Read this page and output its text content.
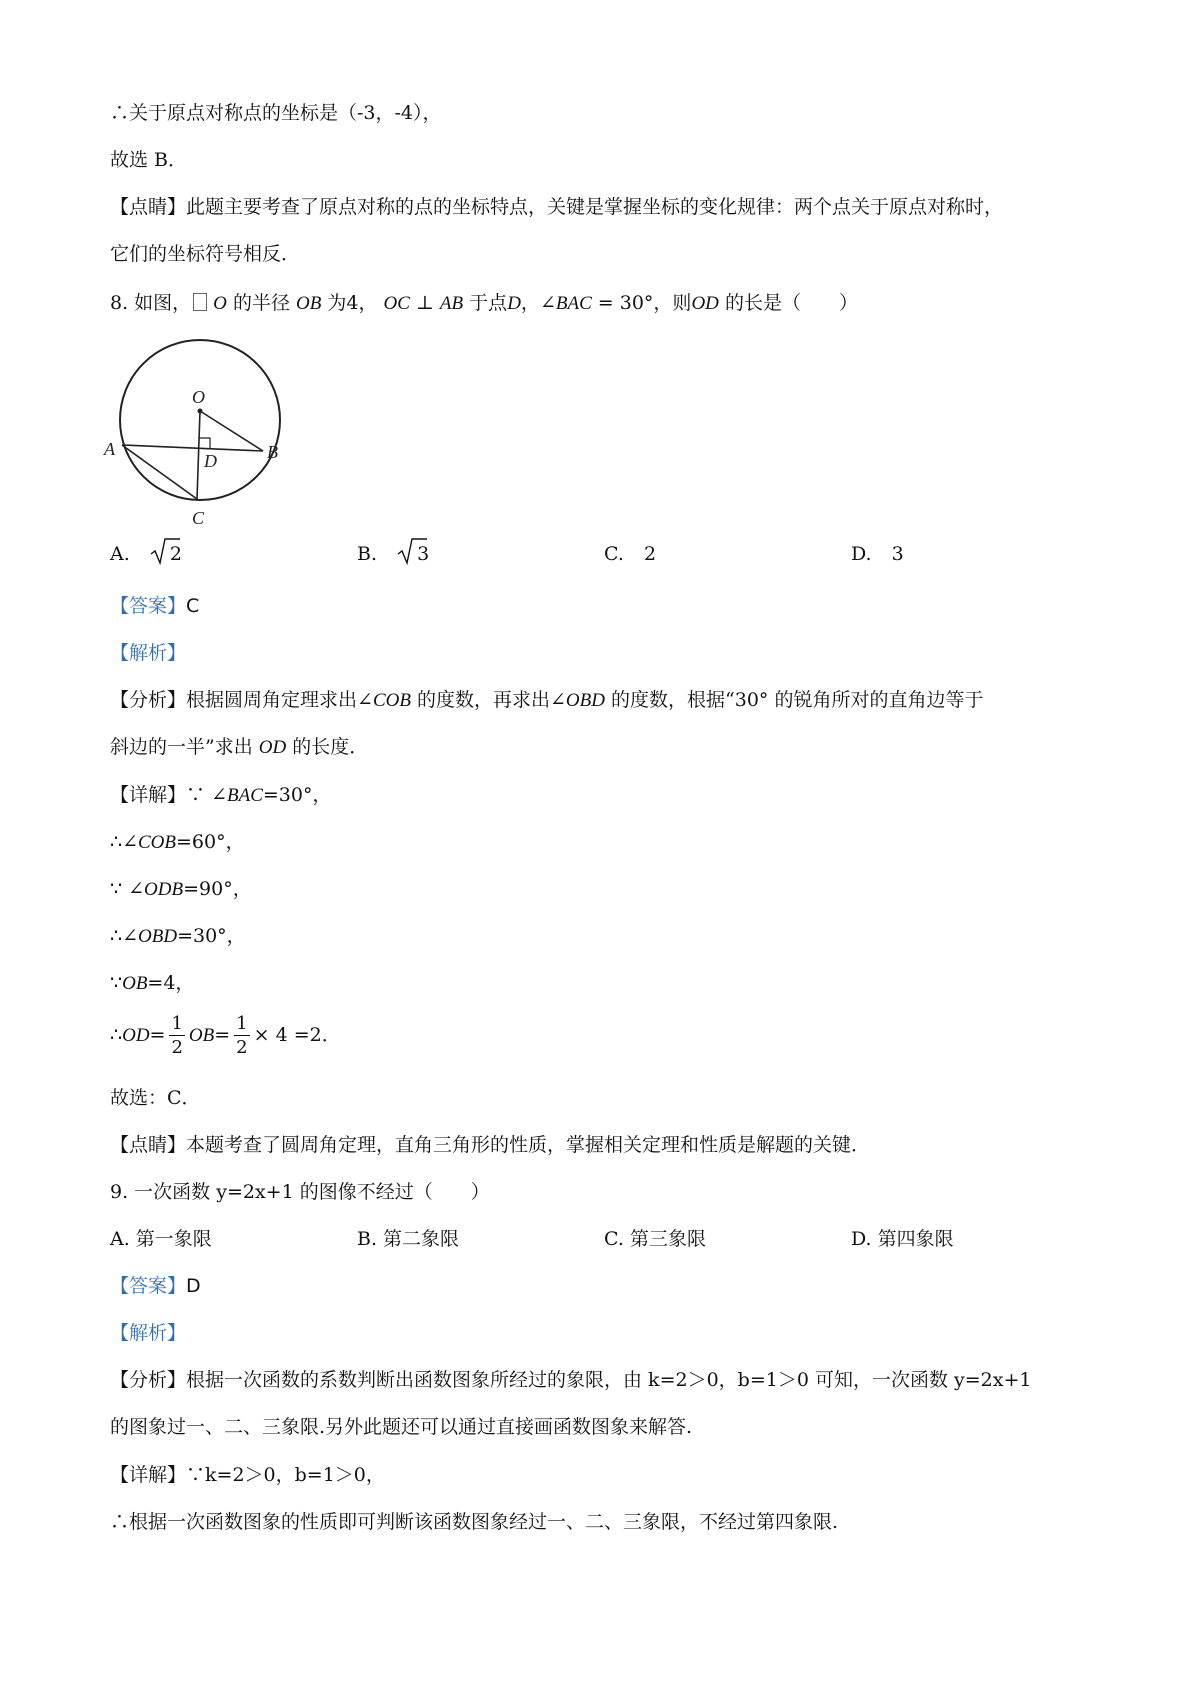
∴关于原点对称点的坐标是（-3，-4），
故选 B．
【点睛】此题主要考查了原点对称的点的坐标特点，关键是掌握坐标的变化规律：两个点关于原点对称时，
它们的坐标符号相反．
8. 如图， O 的半径 OB 为4， OC ⊥ AB 于点D，∠BAC = 30°，则OD 的长是（　　）
O
A	B
D
C
A. 2	B. 3	C. 2	D. 3
【答案】C
【解析】
【分析】根据圆周角定理求出∠COB 的度数，再求出∠OBD 的度数，根据“30° 的锐角所对的直角边等于
斜边的一半”求出 OD 的长度．
【详解】∵ ∠BAC=30°，
∴∠COB=60°，
∵ ∠ODB=90°，
∴∠OBD=30°，
∵OB=4，
∴OD= $\frac{1}{2} OB= \frac{1}{2} \times 4 =2$．
故选：C．
【点睛】本题考查了圆周角定理，直角三角形的性质，掌握相关定理和性质是解题的关键．
9. 一次函数 y=2x+1 的图像不经过（　　）
A. 第一象限	B. 第二象限	C. 第三象限	D. 第四象限
【答案】D
【解析】
【分析】根据一次函数的系数判断出函数图象所经过的象限，由 k=2＞0，b=1＞0 可知，一次函数 y=2x+1
的图象过一、二、三象限.另外此题还可以通过直接画函数图象来解答.
【详解】∵k=2＞0，b=1＞0，
∴根据一次函数图象的性质即可判断该函数图象经过一、二、三象限，不经过第四象限.
